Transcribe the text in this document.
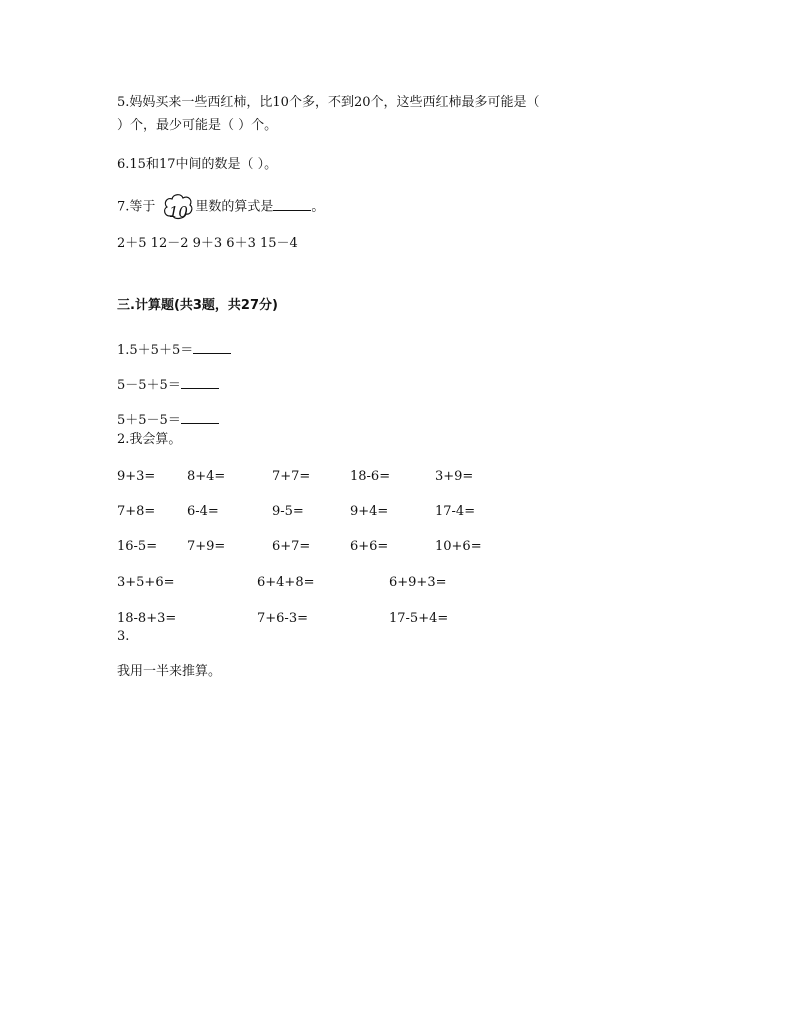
5.妈妈买来一些西红柿，比10个多，不到20个，这些西红柿最多可能是（
）个，最少可能是（ ）个。
6.15和17中间的数是（ ）。
7.等于 10 里数的算式是	。
2＋5 12－2 9＋3 6＋3 15－4
三.计算题(共3题，共27分)
1.5＋5＋5＝
5－5＋5＝
5＋5－5＝
2.我会算。
9+3= 8+4=	7+7=	18-6=	3+9=
7+8= 6-4=	9-5=	9+4=	17-4=
16-5= 7+9=	6+7=	6+6=	10+6=
3+5+6=	6+4+8=	6+9+3=
18-8+3=	7+6-3=	17-5+4=
3.
我用一半来推算。
